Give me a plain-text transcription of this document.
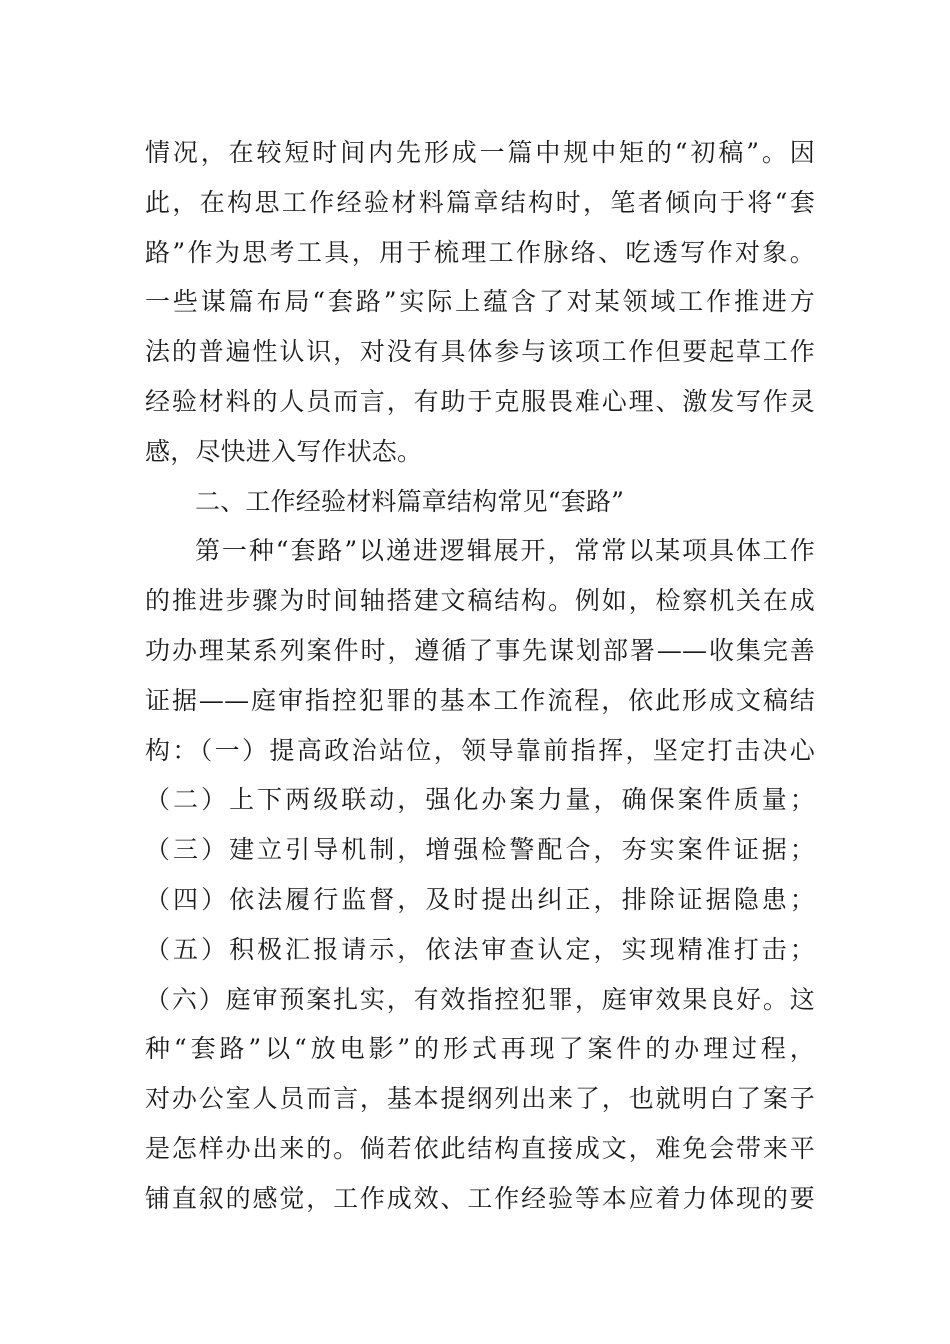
情况，在较短时间内先形成一篇中规中矩的“初稿”。因
此，在构思工作经验材料篇章结构时，笔者倾向于将“套
路”作为思考工具，用于梳理工作脉络、吃透写作对象。
一些谋篇布局“套路”实际上蕴含了对某领域工作推进方
法的普遍性认识，对没有具体参与该项工作但要起草工作
经验材料的人员而言，有助于克服畏难心理、激发写作灵
感，尽快进入写作状态。
二、工作经验材料篇章结构常见“套路”
第一种“套路”以递进逻辑展开，常常以某项具体工作
的推进步骤为时间轴搭建文稿结构。例如，检察机关在成
功办理某系列案件时，遵循了事先谋划部署——收集完善
证据——庭审指控犯罪的基本工作流程，依此形成文稿结
构：（一）提高政治站位，领导靠前指挥，坚定打击决心
（二）上下两级联动，强化办案力量，确保案件质量；
（三）建立引导机制，增强检警配合，夯实案件证据；
（四）依法履行监督，及时提出纠正，排除证据隐患；
（五）积极汇报请示，依法审查认定，实现精准打击；
（六）庭审预案扎实，有效指控犯罪，庭审效果良好。这
种“套路”以“放电影”的形式再现了案件的办理过程，
对办公室人员而言，基本提纲列出来了，也就明白了案子
是怎样办出来的。倘若依此结构直接成文，难免会带来平
铺直叙的感觉，工作成效、工作经验等本应着力体现的要
